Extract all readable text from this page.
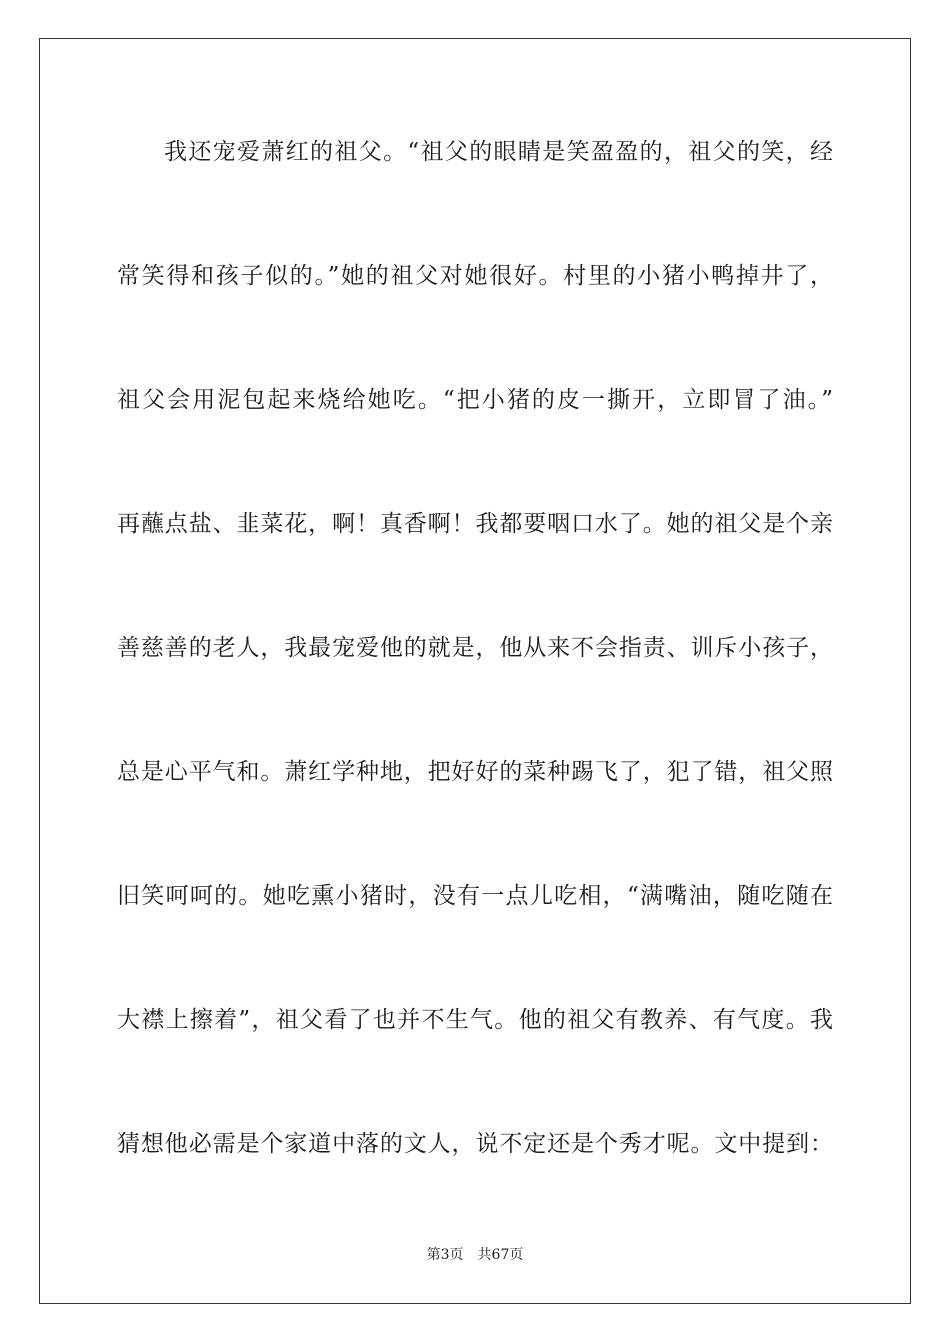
我还宠爱萧红的祖父。“祖父的眼睛是笑盈盈的，祖父的笑，经
常笑得和孩子似的。”她的祖父对她很好。村里的小猪小鸭掉井了，
祖父会用泥包起来烧给她吃。“把小猪的皮一撕开，立即冒了油。”
再蘸点盐、韭菜花，啊！真香啊！我都要咽口水了。她的祖父是个亲
善慈善的老人，我最宠爱他的就是，他从来不会指责、训斥小孩子，
总是心平气和。萧红学种地，把好好的菜种踢飞了，犯了错，祖父照
旧笑呵呵的。她吃熏小猪时，没有一点儿吃相，“满嘴油，随吃随在
大襟上擦着”，祖父看了也并不生气。他的祖父有教养、有气度。我
猜想他必需是个家道中落的文人，说不定还是个秀才呢。文中提到：
第3页 共67页
